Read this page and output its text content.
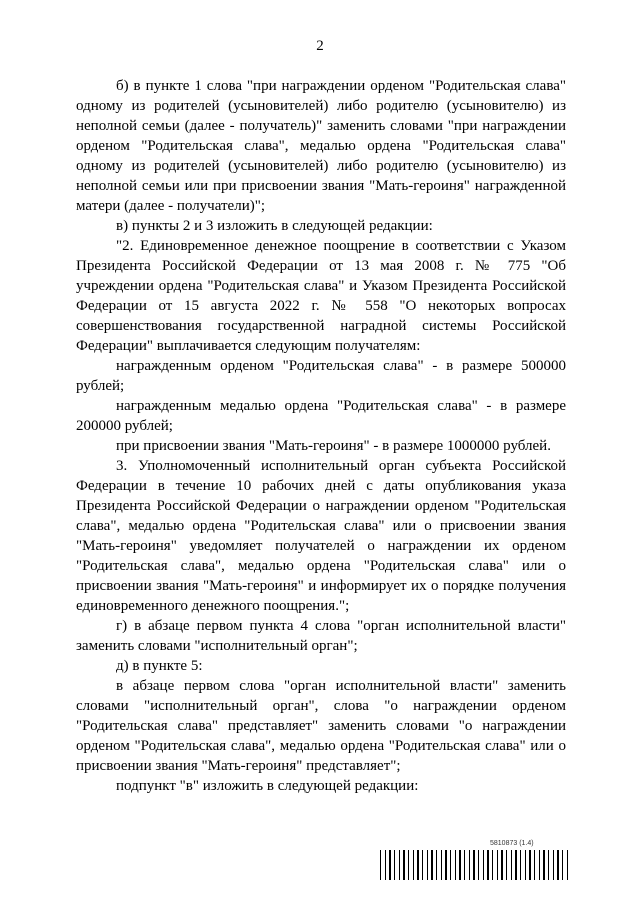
2

б) в пункте 1 слова "при награждении орденом "Родительская слава" одному из родителей (усыновителей) либо родителю (усыновителю) из неполной семьи (далее - получатель)" заменить словами "при награждении орденом "Родительская слава", медалью ордена "Родительская слава" одному из родителей (усыновителей) либо родителю (усыновителю) из неполной семьи или при присвоении звания "Мать-героиня" награжденной матери (далее - получатели)";

в) пункты 2 и 3 изложить в следующей редакции:

"2. Единовременное денежное поощрение в соответствии с Указом Президента Российской Федерации от 13 мая 2008 г. № 775 "Об учреждении ордена "Родительская слава" и Указом Президента Российской Федерации от 15 августа 2022 г. № 558 "О некоторых вопросах совершенствования государственной наградной системы Российской Федерации" выплачивается следующим получателям:

награжденным орденом "Родительская слава" - в размере 500000 рублей;

награжденным медалью ордена "Родительская слава" - в размере 200000 рублей;

при присвоении звания "Мать-героиня" - в размере 1000000 рублей.

3. Уполномоченный исполнительный орган субъекта Российской Федерации в течение 10 рабочих дней с даты опубликования указа Президента Российской Федерации о награждении орденом "Родительская слава", медалью ордена "Родительская слава" или о присвоении звания "Мать-героиня" уведомляет получателей о награждении их орденом "Родительская слава", медалью ордена "Родительская слава" или о присвоении звания "Мать-героиня" и информирует их о порядке получения единовременного денежного поощрения.";

г) в абзаце первом пункта 4 слова "орган исполнительной власти" заменить словами "исполнительный орган";

д) в пункте 5:

в абзаце первом слова "орган исполнительной власти" заменить словами "исполнительный орган", слова "о награждении орденом "Родительская слава" представляет" заменить словами "о награждении орденом "Родительская слава", медалью ордена "Родительская слава" или о присвоении звания "Мать-героиня" представляет";

подпункт "в" изложить в следующей редакции:

5810873 (1.4)
